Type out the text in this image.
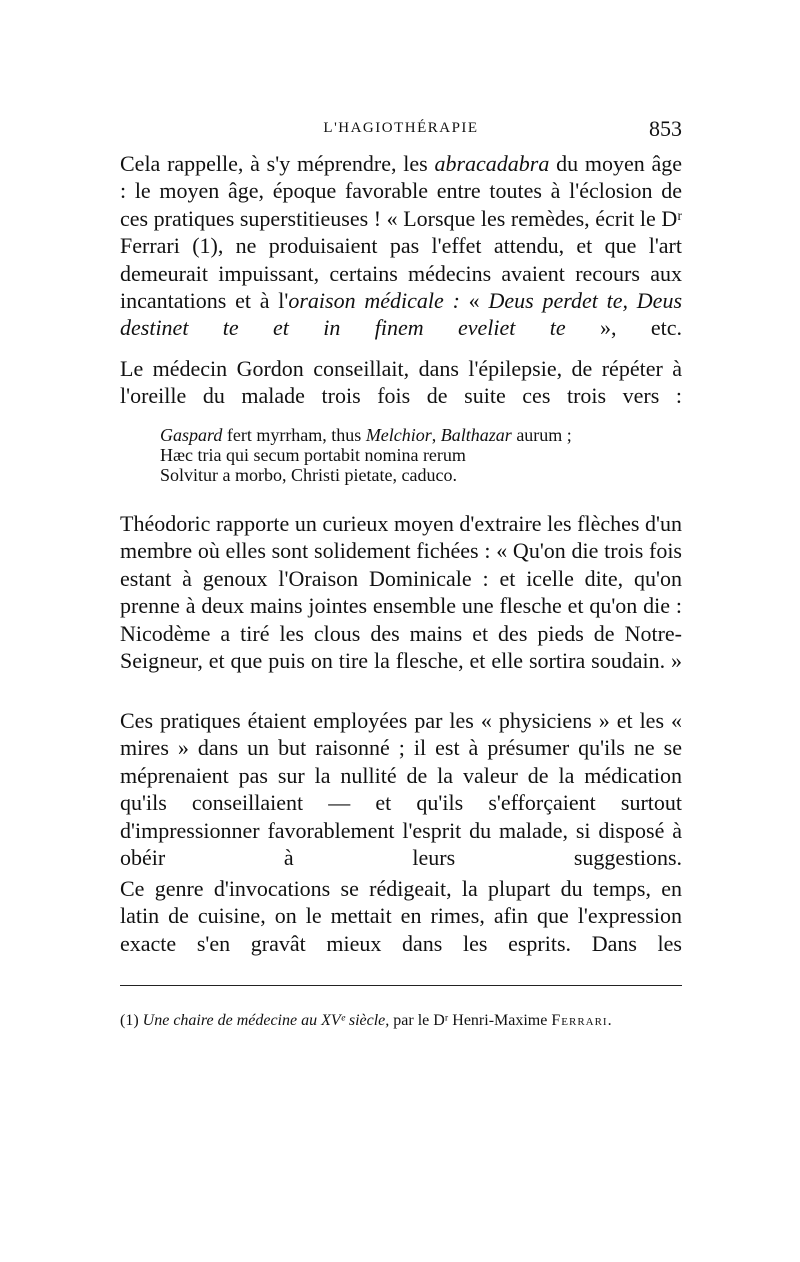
L'HAGIOTHÉRAPIE	853

Cela rappelle, à s'y méprendre, les abracadabra du moyen âge : le moyen âge, époque favorable entre toutes à l'éclosion de ces pratiques superstitieuses ! « Lorsque les remèdes, écrit le Dʳ Ferrari (1), ne produisaient pas l'effet attendu, et que l'art demeurait impuissant, certains médecins avaient recours aux incantations et à l'oraison médicale : « Deus perdet te, Deus destinet te et in finem eveliet te », etc.

Le médecin Gordon conseillait, dans l'épilepsie, de répéter à l'oreille du malade trois fois de suite ces trois vers :

Gaspard fert myrrham, thus Melchior, Balthazar aurum ;

Hæc tria qui secum portabit nomina rerum

Solvitur a morbo, Christi pietate, caduco.

Théodoric rapporte un curieux moyen d'extraire les flèches d'un membre où elles sont solidement fichées : « Qu'on die trois fois estant à genoux l'Oraison Dominicale : et icelle dite, qu'on prenne à deux mains jointes ensemble une flesche et qu'on die : Nicodème a tiré les clous des mains et des pieds de Notre-Seigneur, et que puis on tire la flesche, et elle sortira soudain. »

Ces pratiques étaient employées par les « physiciens » et les « mires » dans un but raisonné ; il est à présumer qu'ils ne se méprenaient pas sur la nullité de la valeur de la médication qu'ils conseillaient — et qu'ils s'efforçaient surtout d'impressionner favorablement l'esprit du malade, si disposé à obéir à leurs suggestions.

Ce genre d'invocations se rédigeait, la plupart du temps, en latin de cuisine, on le mettait en rimes, afin que l'expression exacte s'en gravât mieux dans les esprits. Dans les

(1) Une chaire de médecine au XVᵉ siècle, par le Dʳ Henri-Maxime Ferrari.
